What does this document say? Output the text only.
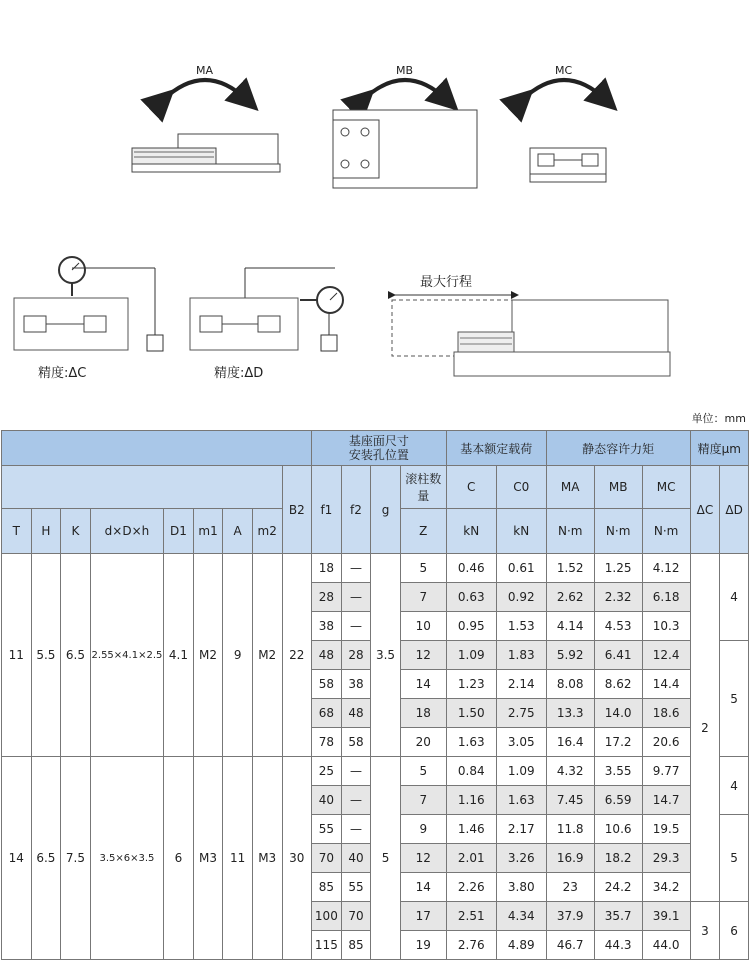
MA	MB	MC
精度:ΔC	精度:ΔD
最大行程
单位：mm
									基座面尺寸
安装孔位置				基本额定载荷		静态容许力矩			精度μm	
								B2	f1	f2	g	滚柱数量	C	C0	MA	MB	MC	ΔC	ΔD
T	H	K	d×D×h	D1	m1	A	m2					Z	kN	kN	N·m	N·m	N·m		
11	5.5	6.5	2.55×4.1×2.5	4.1	M2	9	M2	22	18	—	3.5	5	0.46	0.61	1.52	1.25	4.12	2	4
									28	—		7	0.63	0.92	2.62	2.32	6.18		
									38	—		10	0.95	1.53	4.14	4.53	10.3		
									48	28		12	1.09	1.83	5.92	6.41	12.4		5
									58	38		14	1.23	2.14	8.08	8.62	14.4		
									68	48		18	1.50	2.75	13.3	14.0	18.6		
									78	58		20	1.63	3.05	16.4	17.2	20.6		
14	6.5	7.5	3.5×6×3.5	6	M3	11	M3	30	25	—	5	5	0.84	1.09	4.32	3.55	9.77		4
									40	—		7	1.16	1.63	7.45	6.59	14.7		
									55	—		9	1.46	2.17	11.8	10.6	19.5		5
									70	40		12	2.01	3.26	16.9	18.2	29.3		
									85	55		14	2.26	3.80	23	24.2	34.2		
									100	70		17	2.51	4.34	37.9	35.7	39.1	3	6
									115	85		19	2.76	4.89	46.7	44.3	44.0		
